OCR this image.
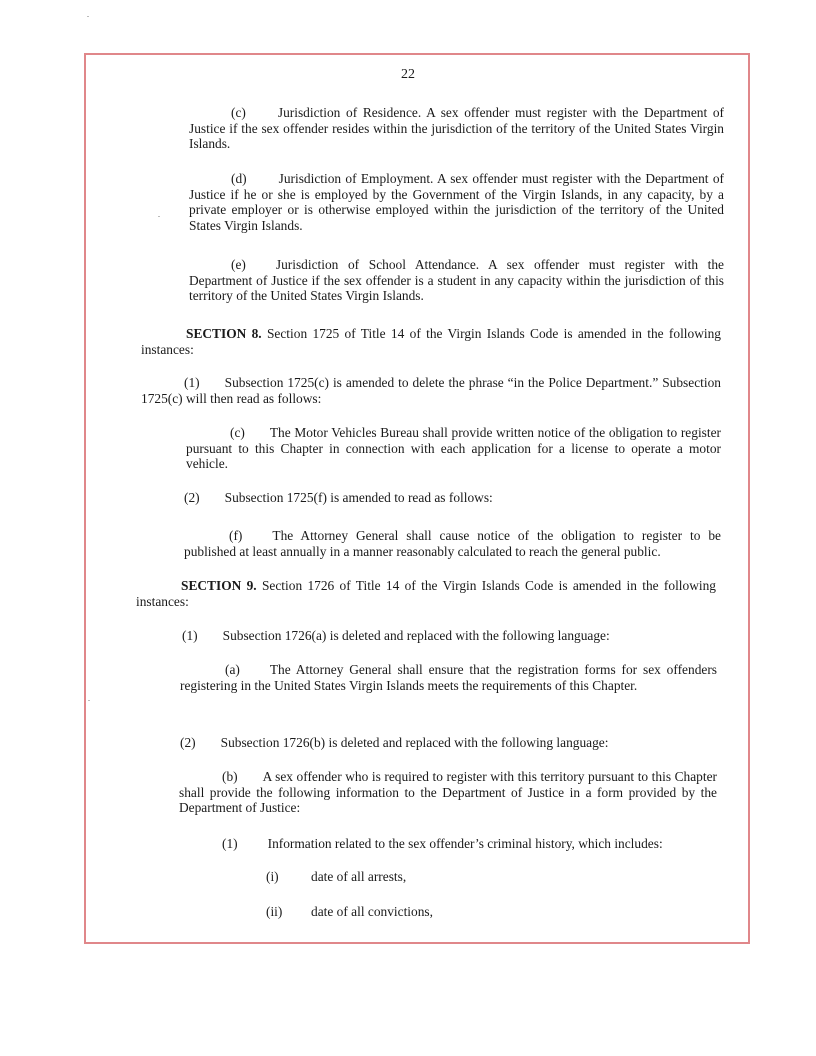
22
(c) Jurisdiction of Residence. A sex offender must register with the Department of Justice if the sex offender resides within the jurisdiction of the territory of the United States Virgin Islands.
(d) Jurisdiction of Employment. A sex offender must register with the Department of Justice if he or she is employed by the Government of the Virgin Islands, in any capacity, by a private employer or is otherwise employed within the jurisdiction of the territory of the United States Virgin Islands.
(e) Jurisdiction of School Attendance. A sex offender must register with the Department of Justice if the sex offender is a student in any capacity within the jurisdiction of this territory of the United States Virgin Islands.
SECTION 8. Section 1725 of Title 14 of the Virgin Islands Code is amended in the following instances:
(1) Subsection 1725(c) is amended to delete the phrase “in the Police Department.” Subsection 1725(c) will then read as follows:
(c) The Motor Vehicles Bureau shall provide written notice of the obligation to register pursuant to this Chapter in connection with each application for a license to operate a motor vehicle.
(2) Subsection 1725(f) is amended to read as follows:
(f) The Attorney General shall cause notice of the obligation to register to be published at least annually in a manner reasonably calculated to reach the general public.
SECTION 9. Section 1726 of Title 14 of the Virgin Islands Code is amended in the following instances:
(1) Subsection 1726(a) is deleted and replaced with the following language:
(a) The Attorney General shall ensure that the registration forms for sex offenders registering in the United States Virgin Islands meets the requirements of this Chapter.
(2) Subsection 1726(b) is deleted and replaced with the following language:
(b) A sex offender who is required to register with this territory pursuant to this Chapter shall provide the following information to the Department of Justice in a form provided by the Department of Justice:
(1) Information related to the sex offender’s criminal history, which includes:
(i) date of all arrests,
(ii) date of all convictions,
